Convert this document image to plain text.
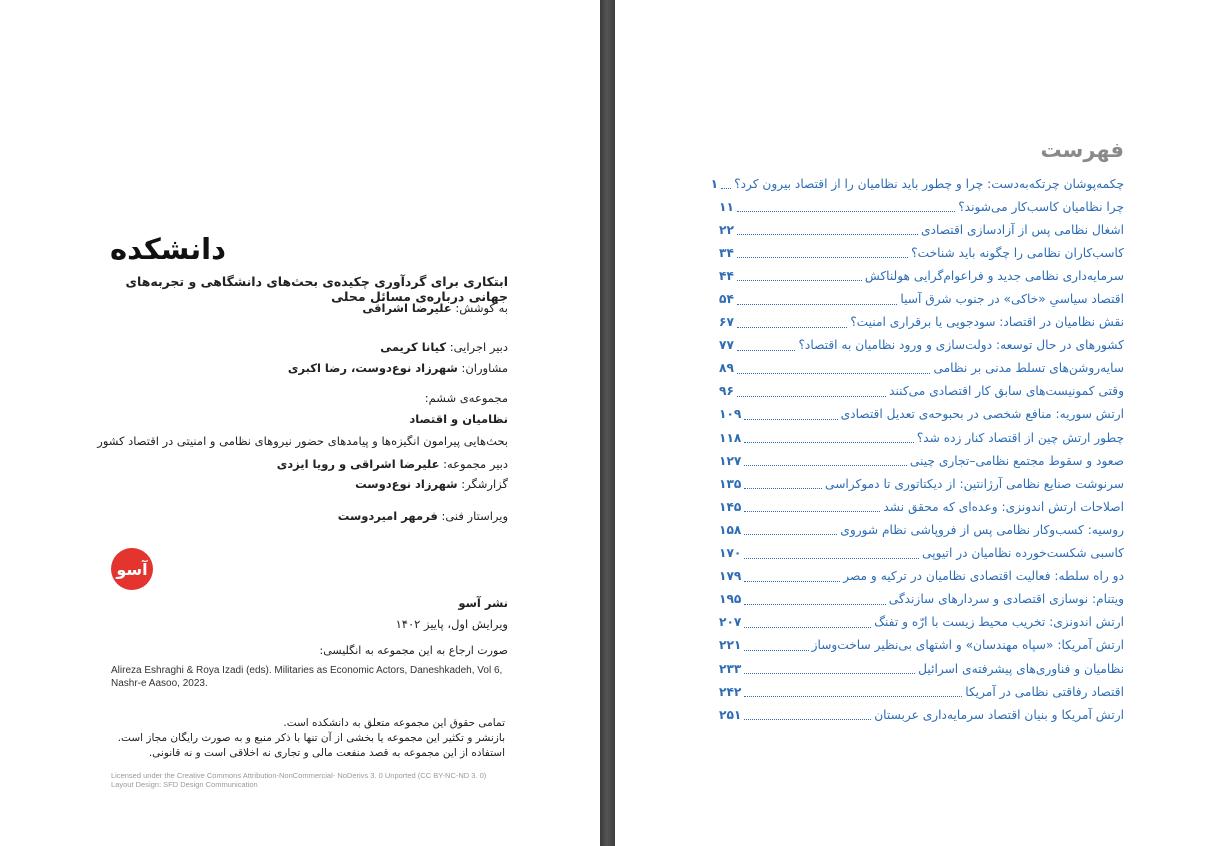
دانشکده
ابتکاری برای گردآوری چکیده‌ی بحث‌های دانشگاهی و تجربه‌های جهانی درباره‌ی مسائل محلی
به کوشش: علیرضا اشراقی
دبیر اجرایی: کیانا کریمی
مشاوران: شهرزاد نوع‌دوست، رضا اکبری
مجموعه‌ی ششم:
نظامیان و اقتصاد
بحث‌هایی پیرامون انگیزه‌ها و پیامدهای حضور نیروهای نظامی و امنیتی در اقتصاد کشور
دبیر مجموعه: علیرضا اشراقی و رویا ایزدی
گزارشگر: شهرزاد نوع‌دوست
ویراستار فنی: فرمهر امیردوست
آسو
نشر آسو
ویرایش اول، پاییز ۱۴۰۲
صورت ارجاع به این مجموعه به انگلیسی:
Alireza Eshraghi & Roya Izadi (eds). Militaries as Economic Actors, Daneshkadeh, Vol 6, Nashr-e Aasoo, 2023.
تمامی حقوق این مجموعه متعلق به دانشکده است.
بازنشر و تکثیر این مجموعه یا بخشی از آن تنها با ذکر منبع و به صورت رایگان مجاز است.
استفاده از این مجموعه به قصد منفعت مالی و تجاری نه اخلاقی است و نه قانونی.
Licensed under the Creative Commons Attribution-NonCommercial- NoDerivs 3. 0 Unported (CC BY-NC-ND 3. 0)
Layout Design: SFD Design Communication
فهرست
چکمه‌پوشان چرتکه‌به‌دست: چرا و چطور باید نظامیان را از اقتصاد بیرون کرد؟
۱
چرا نظامیان کاسب‌کار می‌شوند؟
۱۱
اشغال نظامی پس از آزادسازی اقتصادی
۲۲
کاسب‌کاران نظامی را چگونه باید شناخت؟
۳۴
سرمایه‌داری نظامی جدید و فراعوام‌گرایی هولناکش
۴۴
اقتصاد سیاسیِ «خاکی» در جنوب شرق آسیا
۵۴
نقش نظامیان در اقتصاد: سودجویی یا برقراری امنیت؟
۶۷
کشورهای در حال توسعه: دولت‌سازی و ورود نظامیان به اقتصاد؟
۷۷
سایه‌روشن‌های تسلط مدنی بر نظامی
۸۹
وقتی کمونیست‌های سابق کار اقتصادی می‌کنند
۹۶
ارتش سوریه: منافع شخصی در بحبوحه‌ی تعدیل اقتصادی
۱۰۹
چطور ارتش چین از اقتصاد کنار زده شد؟
۱۱۸
صعود و سقوط مجتمع نظامی–تجاری چینی
۱۲۷
سرنوشت صنایع نظامی آرژانتین: از دیکتاتوری تا دموکراسی
۱۳۵
اصلاحات ارتش اندونزی: وعده‌ای که محقق نشد
۱۴۵
روسیه: کسب‌وکار نظامی پس از فروپاشی نظام شوروی
۱۵۸
کاسبی شکست‌خورده نظامیان در اتیوپی
۱۷۰
دو راه سلطه: فعالیت اقتصادی نظامیان در ترکیه و مصر
۱۷۹
ویتنام: نوسازی اقتصادی و سردارهای سازندگی
۱۹۵
ارتش اندونزی: تخریب محیط زیست با ارّه و تفنگ
۲۰۷
ارتش آمریکا: «سپاه مهندسان» و اشتهای بی‌نظیر ساخت‌وساز
۲۲۱
نظامیان و فناوری‌های پیشرفته‌ی اسرائیل
۲۳۳
اقتصاد رفاقتی نظامی در آمریکا
۲۴۲
ارتش آمریکا و بنیان اقتصاد سرمایه‌داری عربستان
۲۵۱
